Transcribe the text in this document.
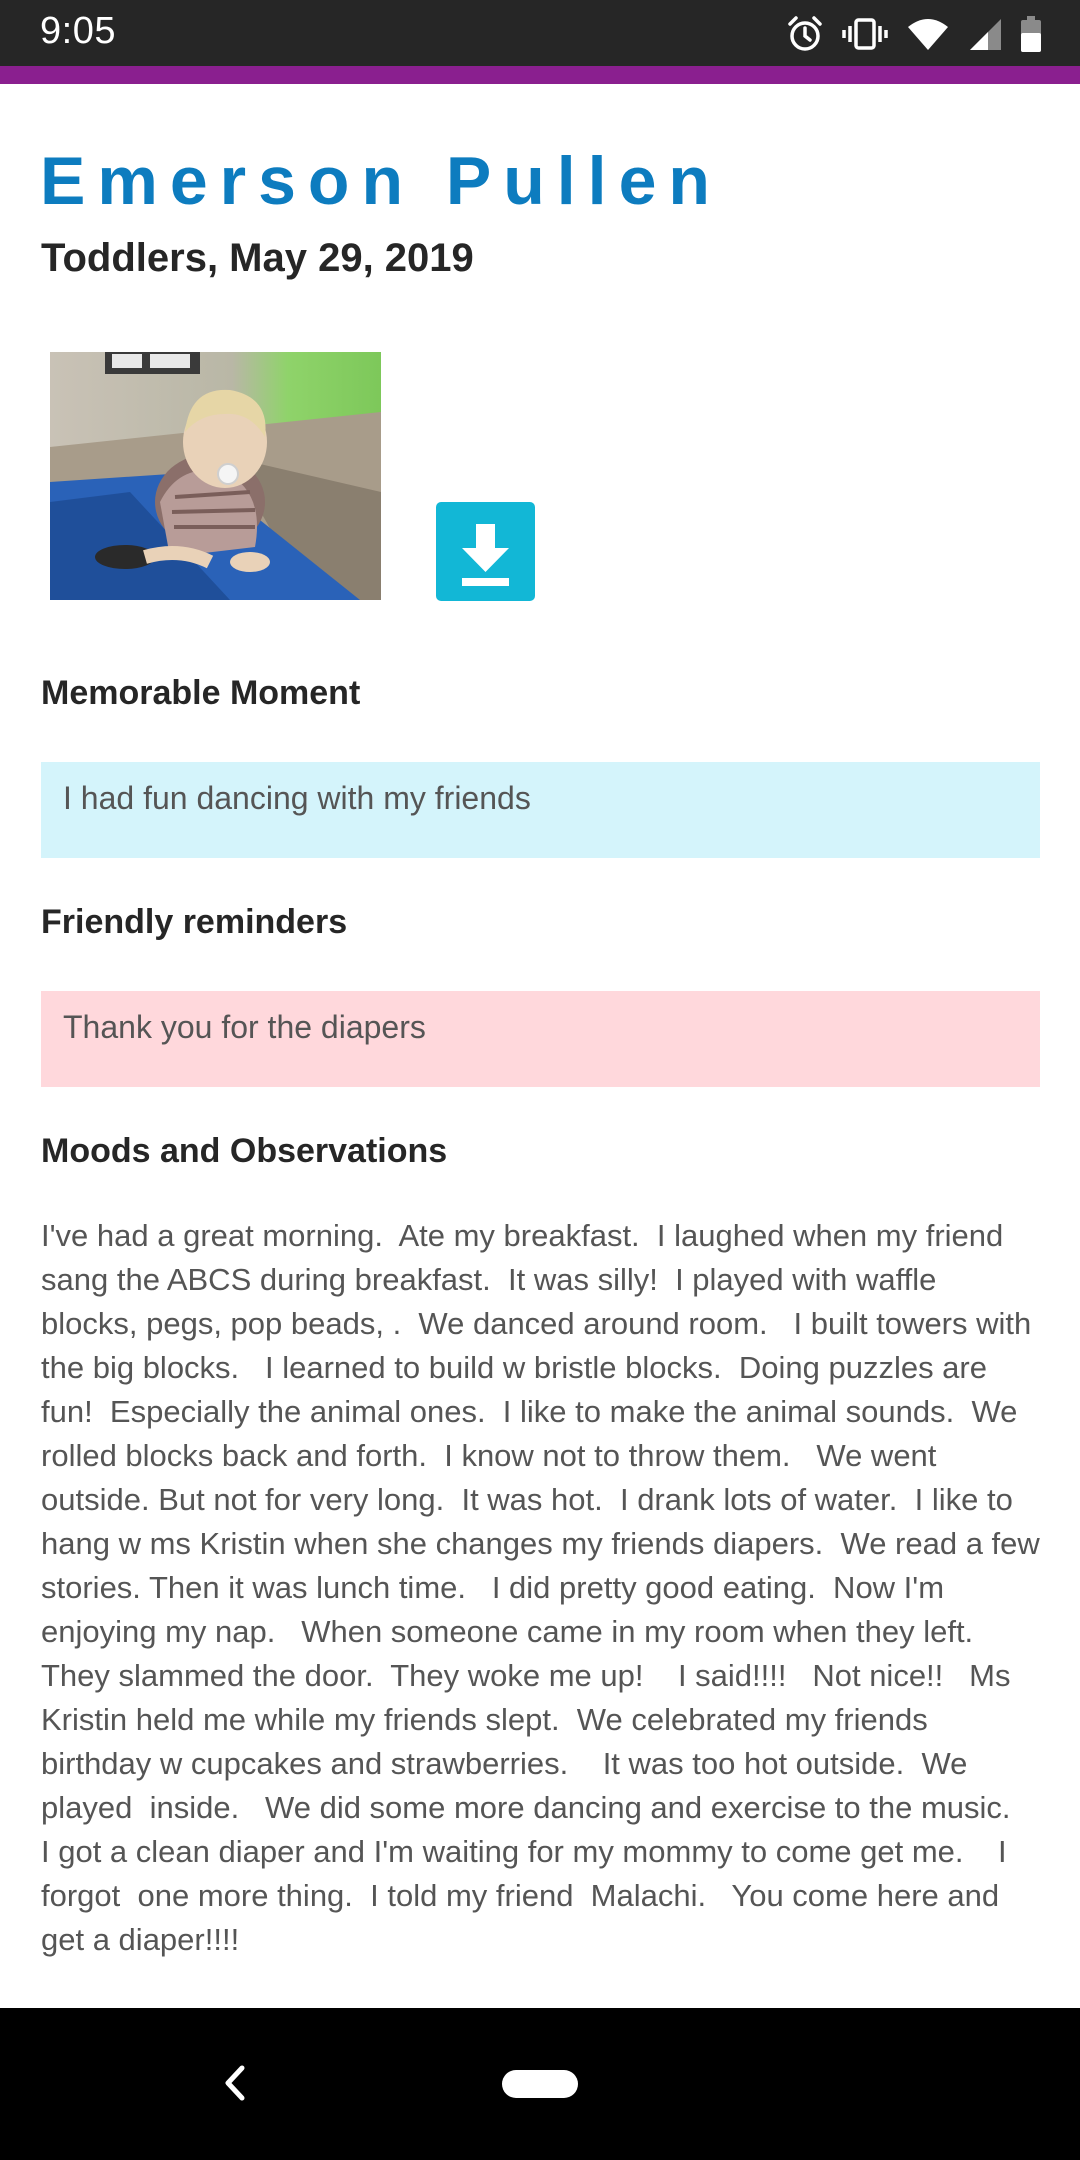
9:05
Emerson Pullen
Toddlers, May 29, 2019
Memorable Moment
I had fun dancing with my friends
Friendly reminders
Thank you for the diapers
Moods and Observations
I've had a great morning.  Ate my breakfast.  I laughed when my friend sang the ABCS during breakfast.  It was silly!  I played with waffle blocks, pegs, pop beads, .  We danced around room.   I built towers with the big blocks.   I learned to build w bristle blocks.  Doing puzzles are fun!  Especially the animal ones.  I like to make the animal sounds.  We rolled blocks back and forth.  I know not to throw them.   We went outside. But not for very long.  It was hot.  I drank lots of water.  I like to hang w ms Kristin when she changes my friends diapers.  We read a few stories. Then it was lunch time.   I did pretty good eating.  Now I'm enjoying my nap.   When someone came in my room when they left.  They slammed the door.  They woke me up!    I said!!!!   Not nice!!   Ms Kristin held me while my friends slept.  We celebrated my friends birthday w cupcakes and strawberries.    It was too hot outside.  We played  inside.   We did some more dancing and exercise to the music.   I got a clean diaper and I'm waiting for my mommy to come get me.    I forgot  one more thing.  I told my friend  Malachi.   You come here and get a diaper!!!!
